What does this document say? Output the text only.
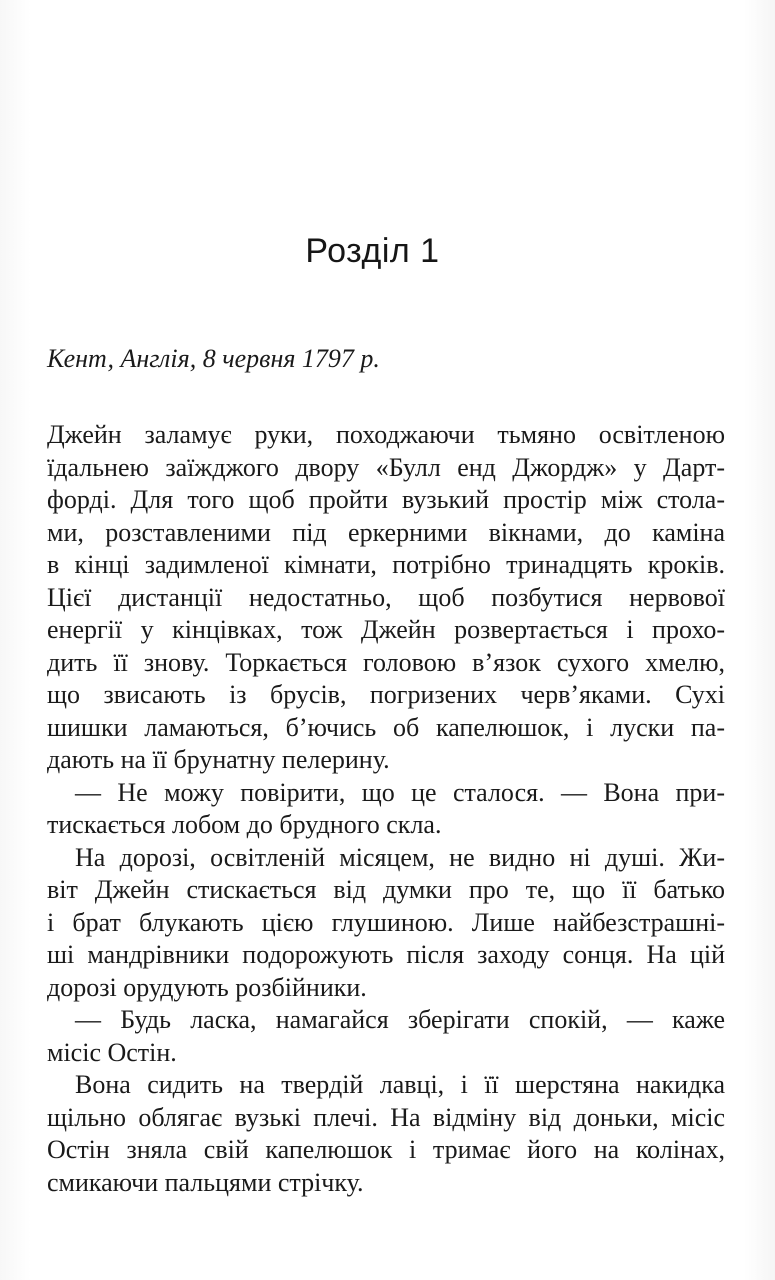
Розділ 1
Кент, Англія, 8 червня 1797 р.

Джейн заламує руки, походжаючи тьмяно освітленою
їдальнею заїжджого двору «Булл енд Джордж» у Дарт-
форді. Для того щоб пройти вузький простір між стола-
ми, розставленими під еркерними вікнами, до каміна
в кінці задимленої кімнати, потрібно тринадцять кроків.
Цієї дистанції недостатньо, щоб позбутися нервової
енергії у кінцівках, тож Джейн розвертається і прохо-
дить її знову. Торкається головою в’язок сухого хмелю,
що звисають із брусів, погризених черв’яками. Сухі
шишки ламаються, б’ючись об капелюшок, і луски па-
дають на її брунатну пелерину.

— Не можу повірити, що це сталося. — Вона при-
тискається лобом до брудного скла.

На дорозі, освітленій місяцем, не видно ні душі. Жи-
віт Джейн стискається від думки про те, що її батько
і брат блукають цією глушиною. Лише найбезстрашні-
ші мандрівники подорожують після заходу сонця. На цій
дорозі орудують розбійники.

— Будь ласка, намагайся зберігати спокій, — каже
місіс Остін.

Вона сидить на твердій лавці, і її шерстяна накидка
щільно облягає вузькі плечі. На відміну від доньки, місіс
Остін зняла свій капелюшок і тримає його на колінах,
смикаючи пальцями стрічку.
